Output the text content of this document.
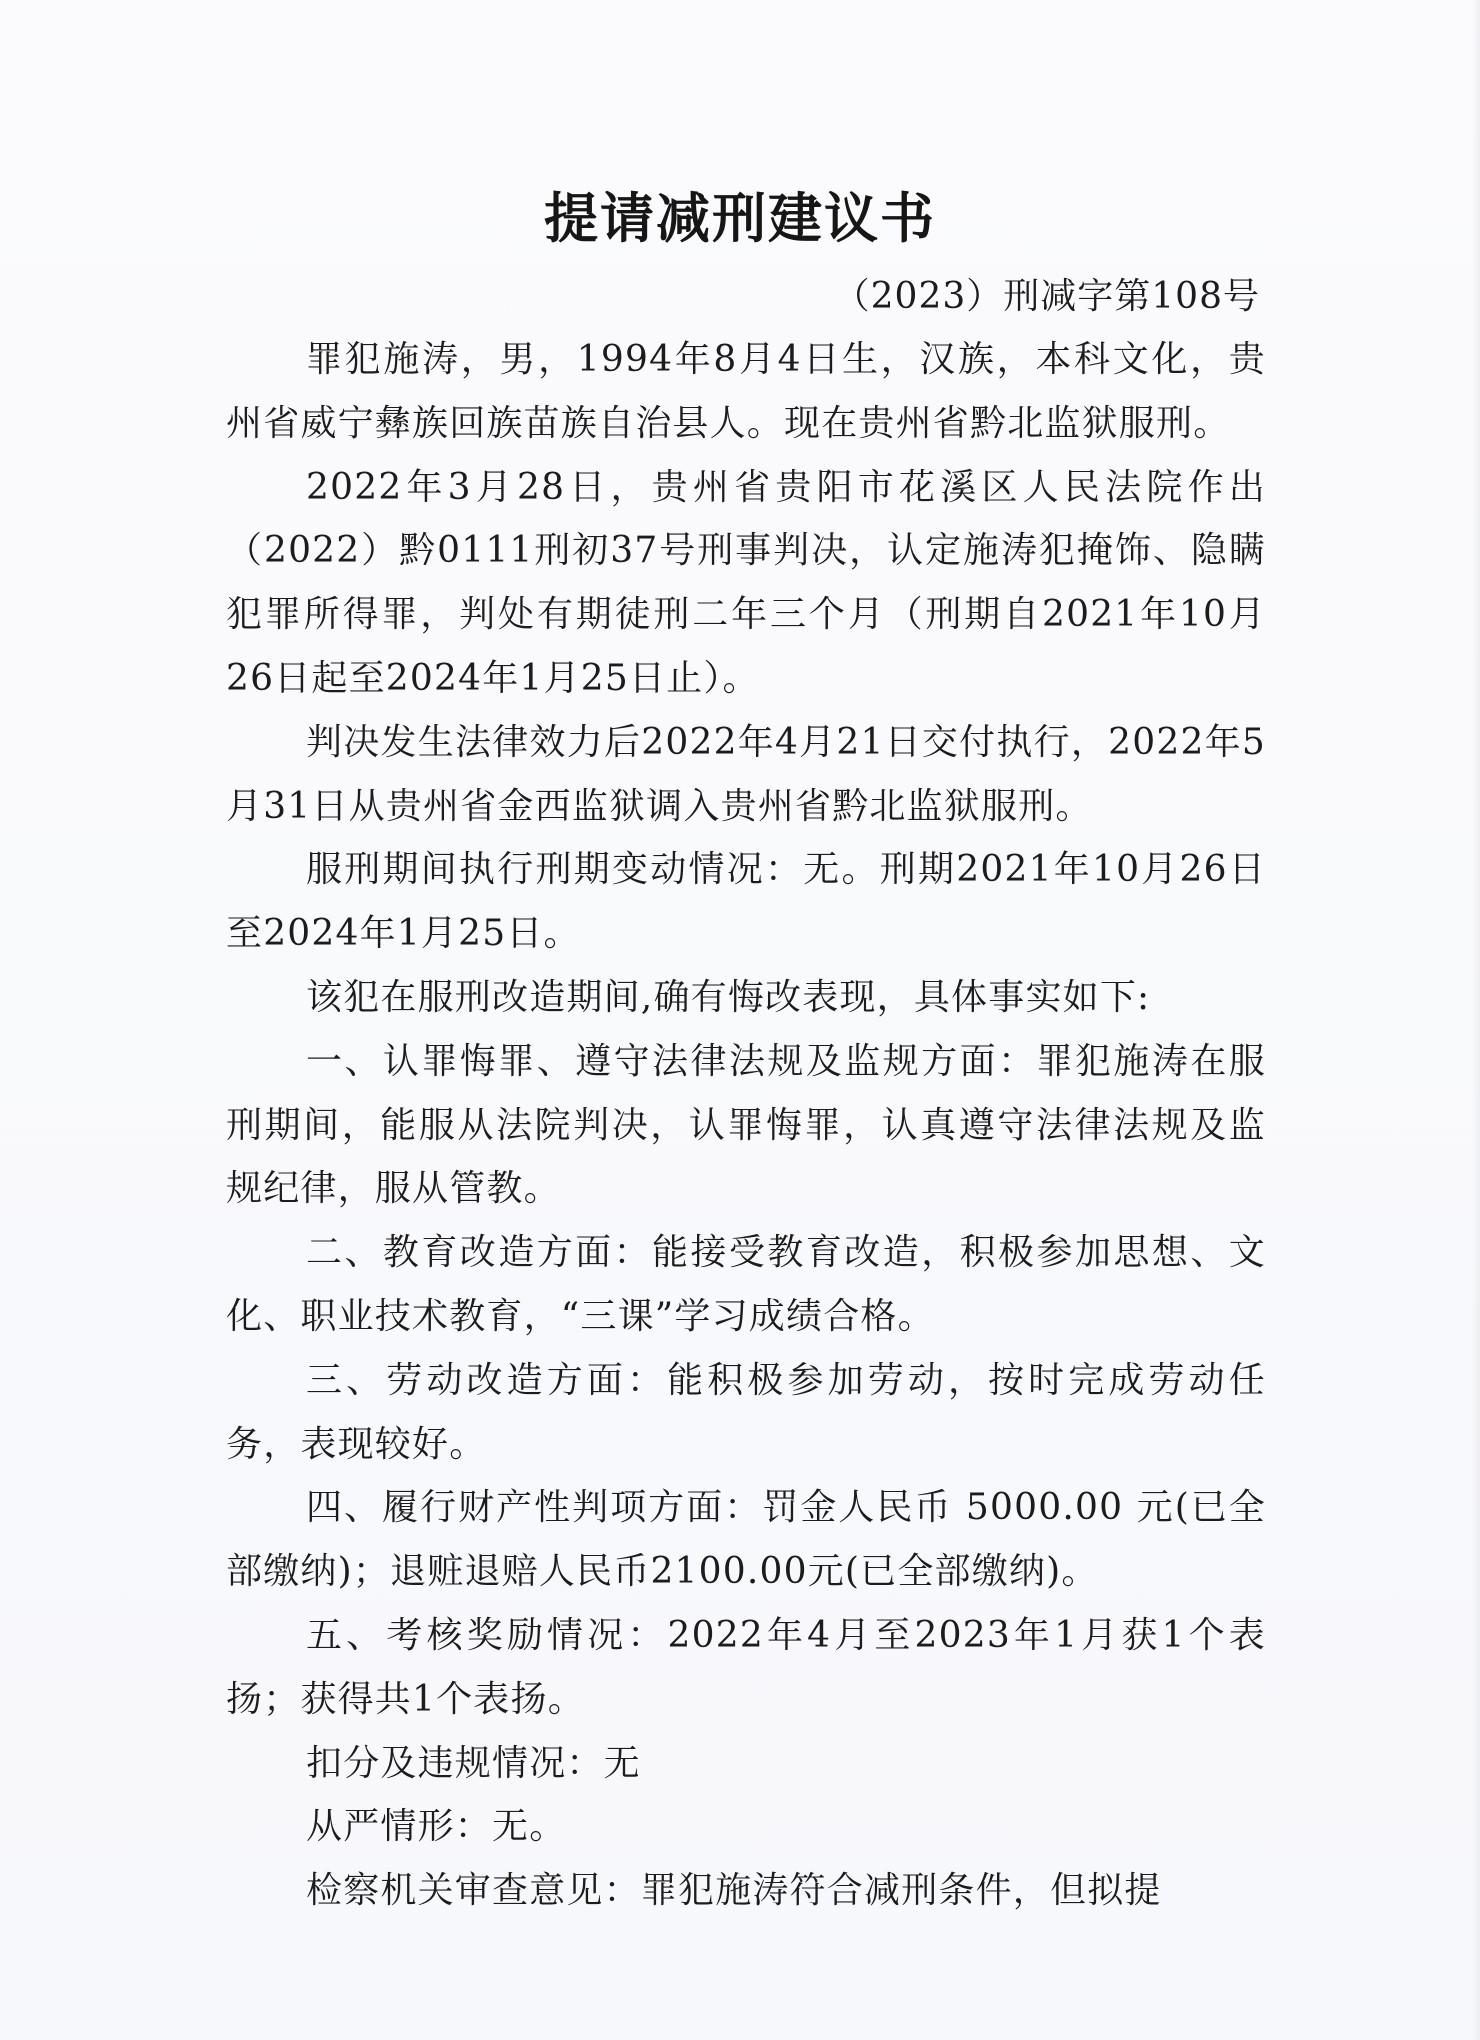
提请减刑建议书
（2023）刑减字第108号

罪犯施涛，男，1994年8月4日生，汉族，本科文化，贵州省威宁彝族回族苗族自治县人。现在贵州省黔北监狱服刑。

2022年3月28日，贵州省贵阳市花溪区人民法院作出（2022）黔0111刑初37号刑事判决，认定施涛犯掩饰、隐瞒犯罪所得罪，判处有期徒刑二年三个月（刑期自2021年10月26日起至2024年1月25日止）。

判决发生法律效力后2022年4月21日交付执行，2022年5月31日从贵州省金西监狱调入贵州省黔北监狱服刑。

服刑期间执行刑期变动情况：无。刑期2021年10月26日至2024年1月25日。

该犯在服刑改造期间,确有悔改表现，具体事实如下:

一、认罪悔罪、遵守法律法规及监规方面：罪犯施涛在服刑期间，能服从法院判决，认罪悔罪，认真遵守法律法规及监规纪律，服从管教。

二、教育改造方面：能接受教育改造，积极参加思想、文化、职业技术教育，“三课”学习成绩合格。

三、劳动改造方面：能积极参加劳动，按时完成劳动任务，表现较好。

四、履行财产性判项方面：罚金人民币 5000.00 元(已全部缴纳)；退赃退赔人民币2100.00元(已全部缴纳)。

五、考核奖励情况：2022年4月至2023年1月获1个表扬；获得共1个表扬。

扣分及违规情况：无

从严情形：无。

检察机关审查意见：罪犯施涛符合减刑条件，但拟提
